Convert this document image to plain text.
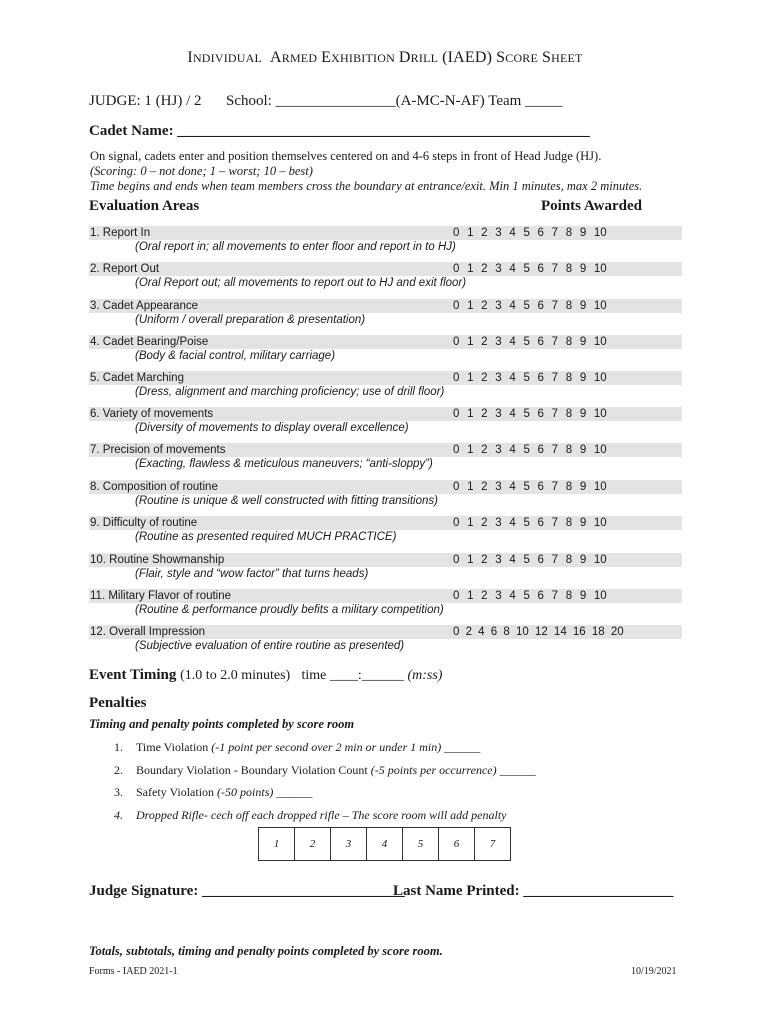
INDIVIDUAL ARMED EXHIBITION DRILL (IAED) SCORE SHEET
JUDGE: 1 (HJ) / 2 School: ________________(A-MC-N-AF) Team _____
Cadet Name: _______________________________________________________
On signal, cadets enter and position themselves centered on and 4-6 steps in front of Head Judge (HJ).
(Scoring: 0 – not done; 1 – worst; 10 – best)
Time begins and ends when team members cross the boundary at entrance/exit. Min 1 minutes, max 2 minutes.
Evaluation Areas	Points Awarded
1. Report In	0 1 2 3 4 5 6 7 8 9 10
(Oral report in; all movements to enter floor and report in to HJ)
2. Report Out	0 1 2 3 4 5 6 7 8 9 10
(Oral Report out; all movements to report out to HJ and exit floor)
3. Cadet Appearance	0 1 2 3 4 5 6 7 8 9 10
(Uniform / overall preparation & presentation)
4. Cadet Bearing/Poise	0 1 2 3 4 5 6 7 8 9 10
(Body & facial control, military carriage)
5. Cadet Marching	0 1 2 3 4 5 6 7 8 9 10
(Dress, alignment and marching proficiency; use of drill floor)
6. Variety of movements	0 1 2 3 4 5 6 7 8 9 10
(Diversity of movements to display overall excellence)
7. Precision of movements	0 1 2 3 4 5 6 7 8 9 10
(Exacting, flawless & meticulous maneuvers; “anti-sloppy”)
8. Composition of routine	0 1 2 3 4 5 6 7 8 9 10
(Routine is unique & well constructed with fitting transitions)
9. Difficulty of routine	0 1 2 3 4 5 6 7 8 9 10
(Routine as presented required MUCH PRACTICE)
10. Routine Showmanship	0 1 2 3 4 5 6 7 8 9 10
(Flair, style and “wow factor” that turns heads)
11. Military Flavor of routine	0 1 2 3 4 5 6 7 8 9 10
(Routine & performance proudly befits a military competition)
12. Overall Impression	0 2 4 6 8 10 12 14 16 18 20
(Subjective evaluation of entire routine as presented)
Event Timing (1.0 to 2.0 minutes) time ____:______ (m:ss)
Penalties
Timing and penalty points completed by score room
1. Time Violation (-1 point per second over 2 min or under 1 min) ______
2. Boundary Violation - Boundary Violation Count (-5 points per occurrence) ______
3. Safety Violation (-50 points) ______
4. Dropped Rifle- cech off each dropped rifle – The score room will add penalty
1	2	3	4	5	6	7
Judge Signature: ___________________________
Last Name Printed: ____________________
Totals, subtotals, timing and penalty points completed by score room.
Forms - IAED 2021-1	10/19/2021
